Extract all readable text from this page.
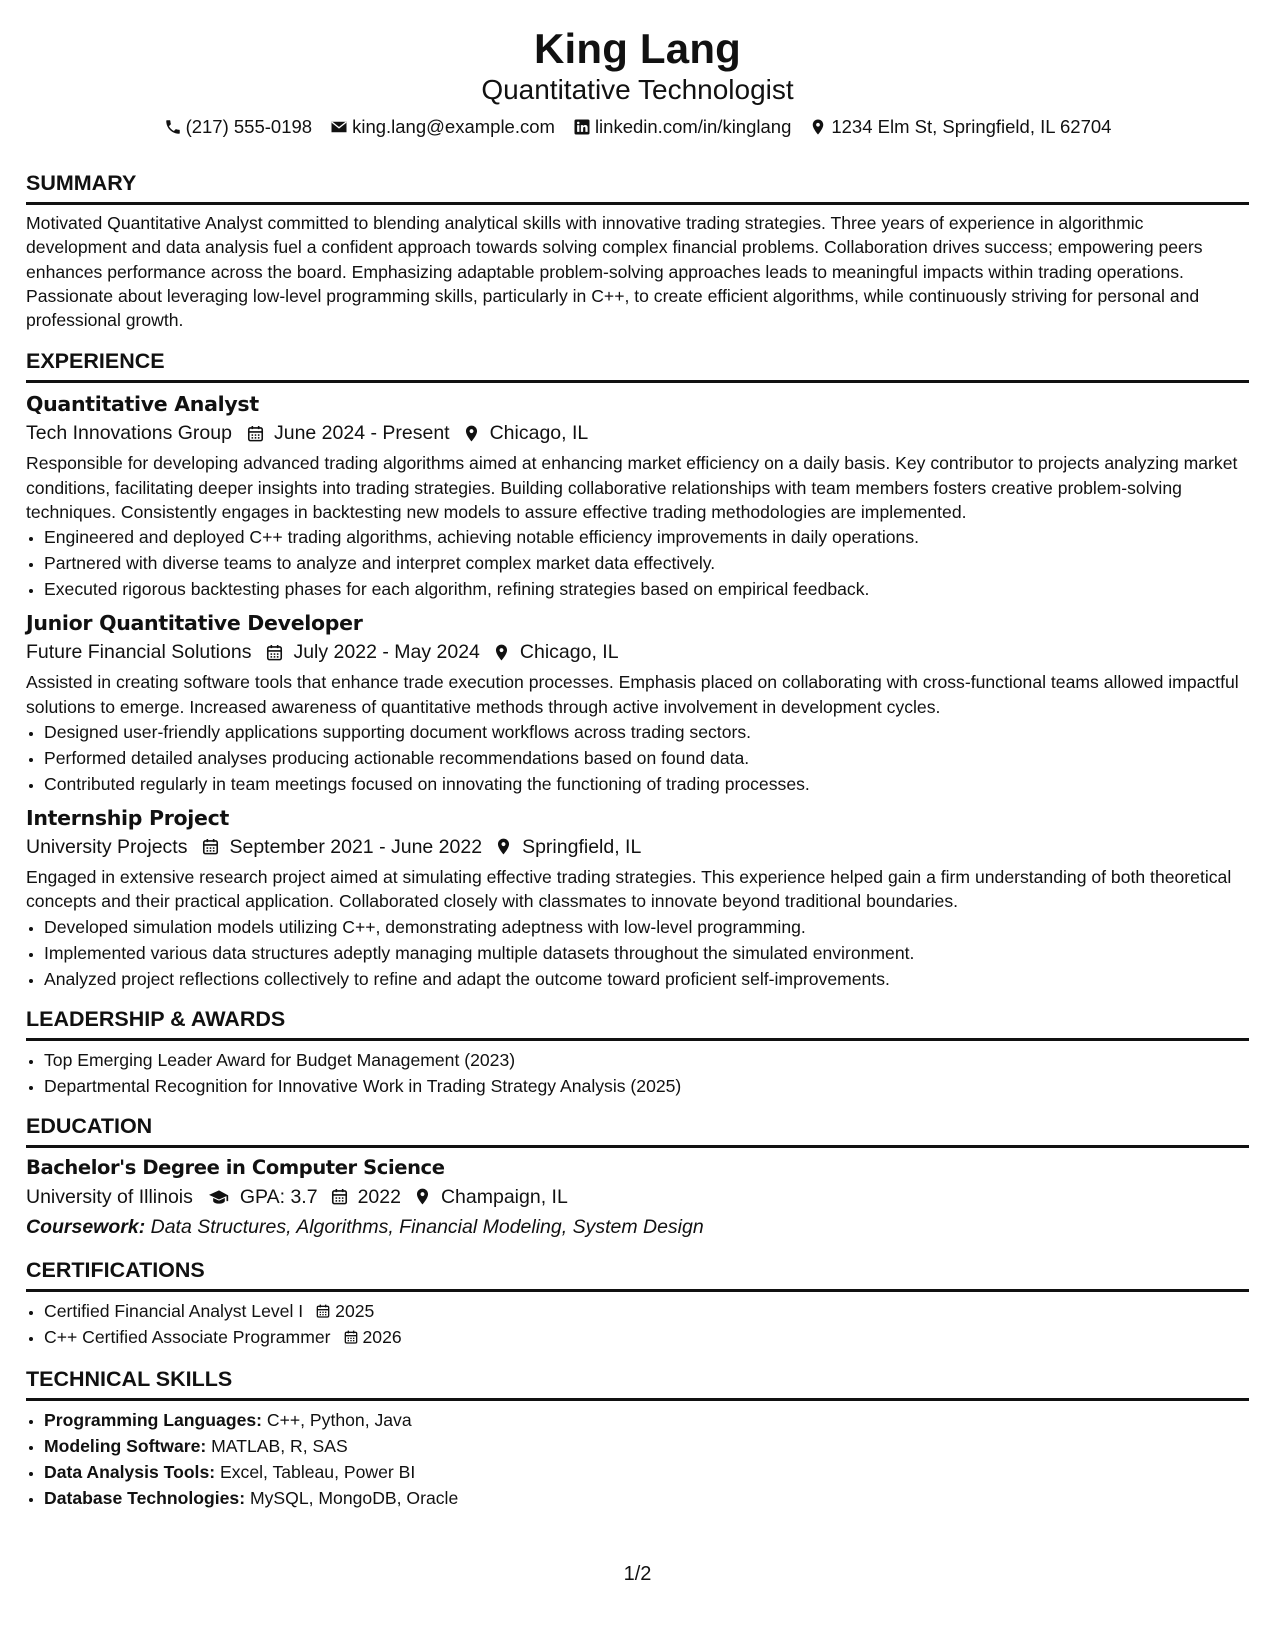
King Lang
Quantitative Technologist
(217) 555-0198 king.lang@example.com linkedin.com/in/kinglang 1234 Elm St, Springfield, IL 62704
SUMMARY
Motivated Quantitative Analyst committed to blending analytical skills with innovative trading strategies. Three years of experience in algorithmic development and data analysis fuel a confident approach towards solving complex financial problems. Collaboration drives success; empowering peers enhances performance across the board. Emphasizing adaptable problem-solving approaches leads to meaningful impacts within trading operations. Passionate about leveraging low-level programming skills, particularly in C++, to create efficient algorithms, while continuously striving for personal and professional growth.
EXPERIENCE
Quantitative Analyst
Tech Innovations Group June 2024 - Present Chicago, IL
Responsible for developing advanced trading algorithms aimed at enhancing market efficiency on a daily basis. Key contributor to projects analyzing market conditions, facilitating deeper insights into trading strategies. Building collaborative relationships with team members fosters creative problem-solving techniques. Consistently engages in backtesting new models to assure effective trading methodologies are implemented.
• Engineered and deployed C++ trading algorithms, achieving notable efficiency improvements in daily operations.
• Partnered with diverse teams to analyze and interpret complex market data effectively.
• Executed rigorous backtesting phases for each algorithm, refining strategies based on empirical feedback.
Junior Quantitative Developer
Future Financial Solutions July 2022 - May 2024 Chicago, IL
Assisted in creating software tools that enhance trade execution processes. Emphasis placed on collaborating with cross-functional teams allowed impactful solutions to emerge. Increased awareness of quantitative methods through active involvement in development cycles.
• Designed user-friendly applications supporting document workflows across trading sectors.
• Performed detailed analyses producing actionable recommendations based on found data.
• Contributed regularly in team meetings focused on innovating the functioning of trading processes.
Internship Project
University Projects September 2021 - June 2022 Springfield, IL
Engaged in extensive research project aimed at simulating effective trading strategies. This experience helped gain a firm understanding of both theoretical concepts and their practical application. Collaborated closely with classmates to innovate beyond traditional boundaries.
• Developed simulation models utilizing C++, demonstrating adeptness with low-level programming.
• Implemented various data structures adeptly managing multiple datasets throughout the simulated environment.
• Analyzed project reflections collectively to refine and adapt the outcome toward proficient self-improvements.
LEADERSHIP & AWARDS
• Top Emerging Leader Award for Budget Management (2023)
• Departmental Recognition for Innovative Work in Trading Strategy Analysis (2025)
EDUCATION
Bachelor's Degree in Computer Science
University of Illinois GPA: 3.7 2022 Champaign, IL
Coursework: Data Structures, Algorithms, Financial Modeling, System Design
CERTIFICATIONS
• Certified Financial Analyst Level I 2025
• C++ Certified Associate Programmer 2026
TECHNICAL SKILLS
• Programming Languages: C++, Python, Java
• Modeling Software: MATLAB, R, SAS
• Data Analysis Tools: Excel, Tableau, Power BI
• Database Technologies: MySQL, MongoDB, Oracle
1/2
